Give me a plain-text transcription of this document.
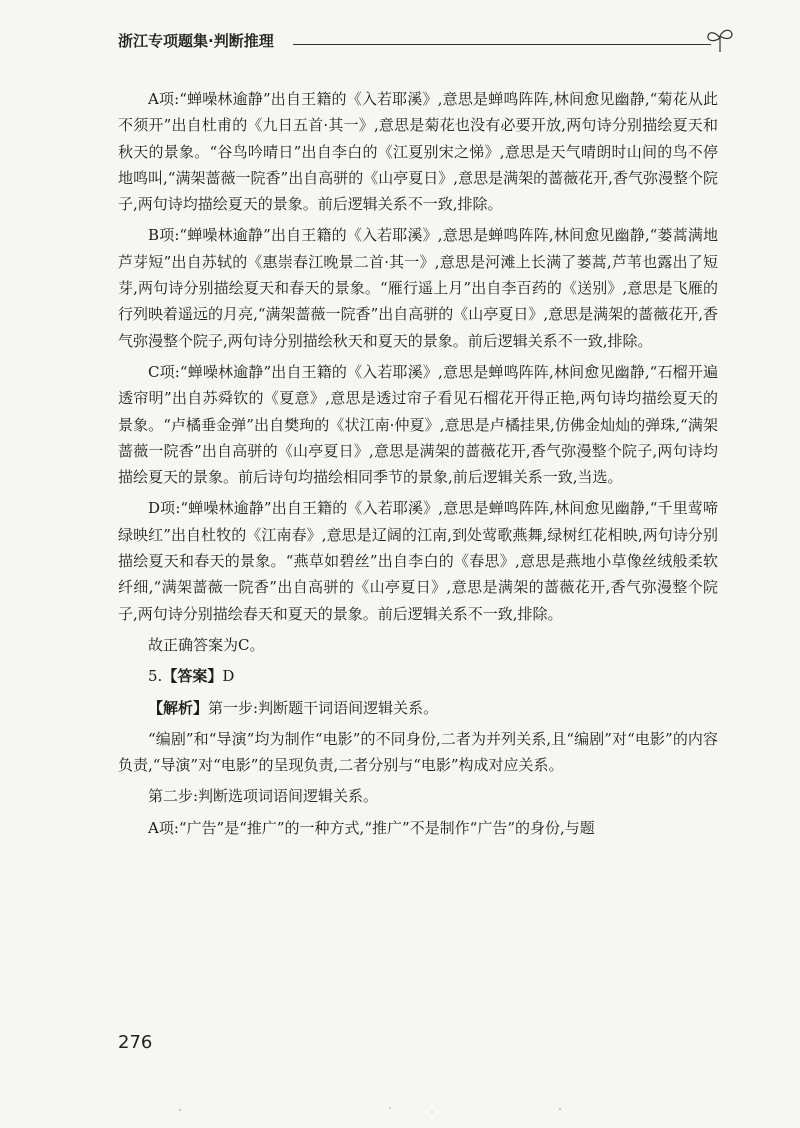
浙江专项题集·判断推理

A项:“蝉噪林逾静”出自王籍的《入若耶溪》,意思是蝉鸣阵阵,林间愈见幽静,“菊花从此不须开”出自杜甫的《九日五首·其一》,意思是菊花也没有必要开放,两句诗分别描绘夏天和秋天的景象。“谷鸟吟晴日”出自李白的《江夏别宋之悌》,意思是天气晴朗时山间的鸟不停地鸣叫,“满架蔷薇一院香”出自高骈的《山亭夏日》,意思是满架的蔷薇花开,香气弥漫整个院子,两句诗均描绘夏天的景象。前后逻辑关系不一致,排除。

B项:“蝉噪林逾静”出自王籍的《入若耶溪》,意思是蝉鸣阵阵,林间愈见幽静,“蒌蒿满地芦芽短”出自苏轼的《惠崇春江晚景二首·其一》,意思是河滩上长满了蒌蒿,芦苇也露出了短芽,两句诗分别描绘夏天和春天的景象。“雁行遥上月”出自李百药的《送别》,意思是飞雁的行列映着遥远的月亮,“满架蔷薇一院香”出自高骈的《山亭夏日》,意思是满架的蔷薇花开,香气弥漫整个院子,两句诗分别描绘秋天和夏天的景象。前后逻辑关系不一致,排除。

C项:“蝉噪林逾静”出自王籍的《入若耶溪》,意思是蝉鸣阵阵,林间愈见幽静,“石榴开遍透帘明”出自苏舜钦的《夏意》,意思是透过帘子看见石榴花开得正艳,两句诗均描绘夏天的景象。“卢橘垂金弹”出自樊珣的《状江南·仲夏》,意思是卢橘挂果,仿佛金灿灿的弹珠,“满架蔷薇一院香”出自高骈的《山亭夏日》,意思是满架的蔷薇花开,香气弥漫整个院子,两句诗均描绘夏天的景象。前后诗句均描绘相同季节的景象,前后逻辑关系一致,当选。

D项:“蝉噪林逾静”出自王籍的《入若耶溪》,意思是蝉鸣阵阵,林间愈见幽静,“千里莺啼绿映红”出自杜牧的《江南春》,意思是辽阔的江南,到处莺歌燕舞,绿树红花相映,两句诗分别描绘夏天和春天的景象。“燕草如碧丝”出自李白的《春思》,意思是燕地小草像丝绒般柔软纤细,“满架蔷薇一院香”出自高骈的《山亭夏日》,意思是满架的蔷薇花开,香气弥漫整个院子,两句诗分别描绘春天和夏天的景象。前后逻辑关系不一致,排除。

故正确答案为C。

5.【答案】D

【解析】第一步:判断题干词语间逻辑关系。

“编剧”和“导演”均为制作“电影”的不同身份,二者为并列关系,且“编剧”对“电影”的内容负责,“导演”对“电影”的呈现负责,二者分别与“电影”构成对应关系。

第二步:判断选项词语间逻辑关系。

A项:“广告”是“推广”的一种方式,“推广”不是制作“广告”的身份,与题

276
